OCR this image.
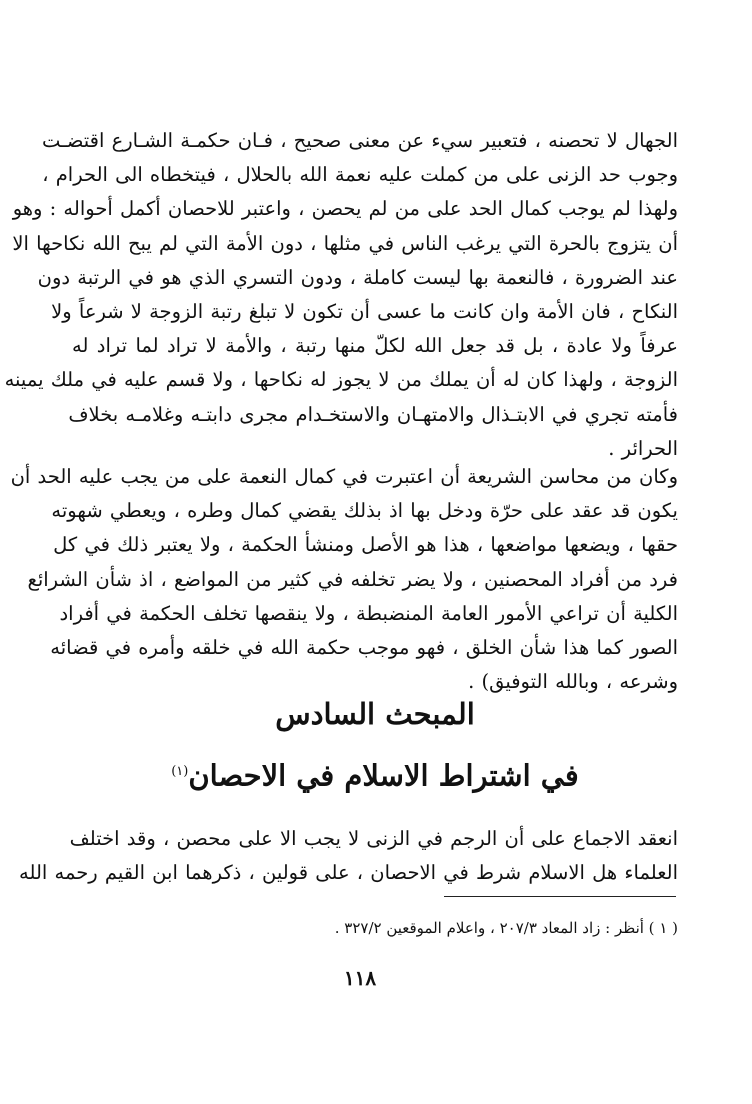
الجهال لا تحصنه ، فتعبير سيء عن معنى صحيح ، فـان حكمـة الشـارع اقتضـت
وجوب حد الزنى على من كملت عليه نعمة الله بالحلال ، فيتخطاه الى الحرام ،
ولهذا لم يوجب كمال الحد على من لم يحصن ، واعتبر للاحصان أكمل أحواله : وهو
أن يتزوج بالحرة التي يرغب الناس في مثلها ، دون الأمة التي لم يبح الله نكاحها الا
عند الضرورة ، فالنعمة بها ليست كاملة ، ودون التسري الذي هو في الرتبة دون
النكاح ، فان الأمة وان كانت ما عسى أن تكون لا تبلغ رتبة الزوجة لا شرعاً ولا
عرفاً ولا عادة ، بل قد جعل الله لكلّ منها رتبة ، والأمة لا تراد لما تراد له
الزوجة ، ولهذا كان له أن يملك من لا يجوز له نكاحها ، ولا قسم عليه في ملك يمينه
فأمته تجري في الابتـذال والامتهـان والاستخـدام مجرى دابتـه وغلامـه بخلاف
الحرائر .
وكان من محاسن الشريعة أن اعتبرت في كمال النعمة على من يجب عليه الحد أن
يكون قد عقد على حرّة ودخل بها اذ بذلك يقضي كمال وطره ، ويعطي شهوته
حقها ، ويضعها مواضعها ، هذا هو الأصل ومنشأ الحكمة ، ولا يعتبر ذلك في كل
فرد من أفراد المحصنين ، ولا يضر تخلفه في كثير من المواضع ، اذ شأن الشرائع
الكلية أن تراعي الأمور العامة المنضبطة ، ولا ينقصها تخلف الحكمة في أفراد
الصور كما هذا شأن الخلق ، فهو موجب حكمة الله في خلقه وأمره في قضائه
وشرعه ، وبالله التوفيق) .
المبحث السادس
في اشتراط الاسلام في الاحصان$^{(١)}$
انعقد الاجماع على أن الرجم في الزنى لا يجب الا على محصن ، وقد اختلف
العلماء هل الاسلام شرط في الاحصان ، على قولين ، ذكرهما ابن القيم رحمه الله

( ١ ) أنظر : زاد المعاد ٢٠٧/٣ ، واعلام الموقعين ٣٢٧/٢ .

١١٨
